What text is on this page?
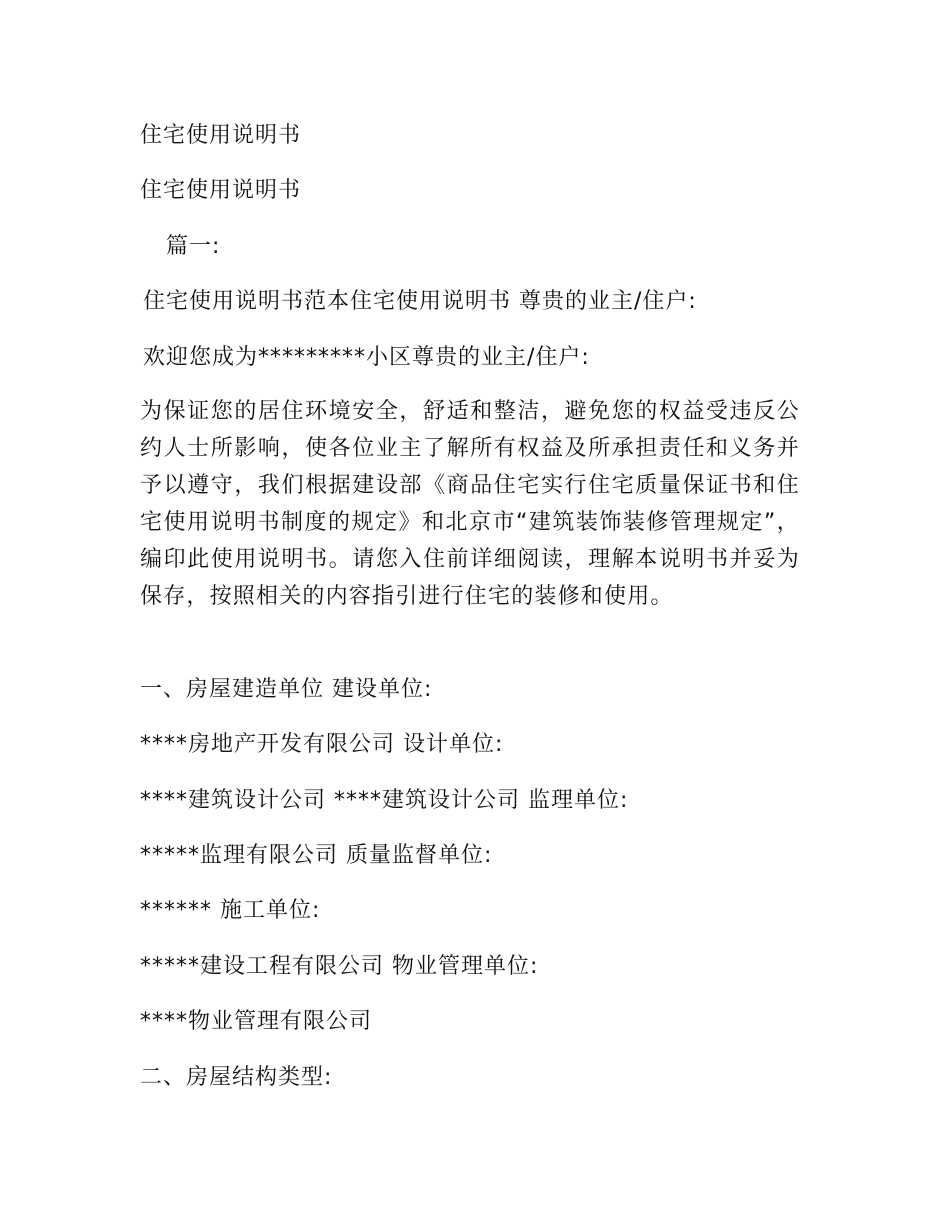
住宅使用说明书
住宅使用说明书
篇一:
住宅使用说明书范本住宅使用说明书 尊贵的业主/住户:
欢迎您成为*********小区尊贵的业主/住户:
为保证您的居住环境安全，舒适和整洁，避免您的权益受违反公约人士所影响，使各位业主了解所有权益及所承担责任和义务并予以遵守，我们根据建设部《商品住宅实行住宅质量保证书和住宅使用说明书制度的规定》和北京市“建筑装饰装修管理规定”，编印此使用说明书。请您入住前详细阅读，理解本说明书并妥为保存，按照相关的内容指引进行住宅的装修和使用。
一、房屋建造单位 建设单位:
****房地产开发有限公司 设计单位:
****建筑设计公司 ****建筑设计公司 监理单位:
*****监理有限公司 质量监督单位:
****** 施工单位:
*****建设工程有限公司 物业管理单位:
****物业管理有限公司
二、房屋结构类型:
